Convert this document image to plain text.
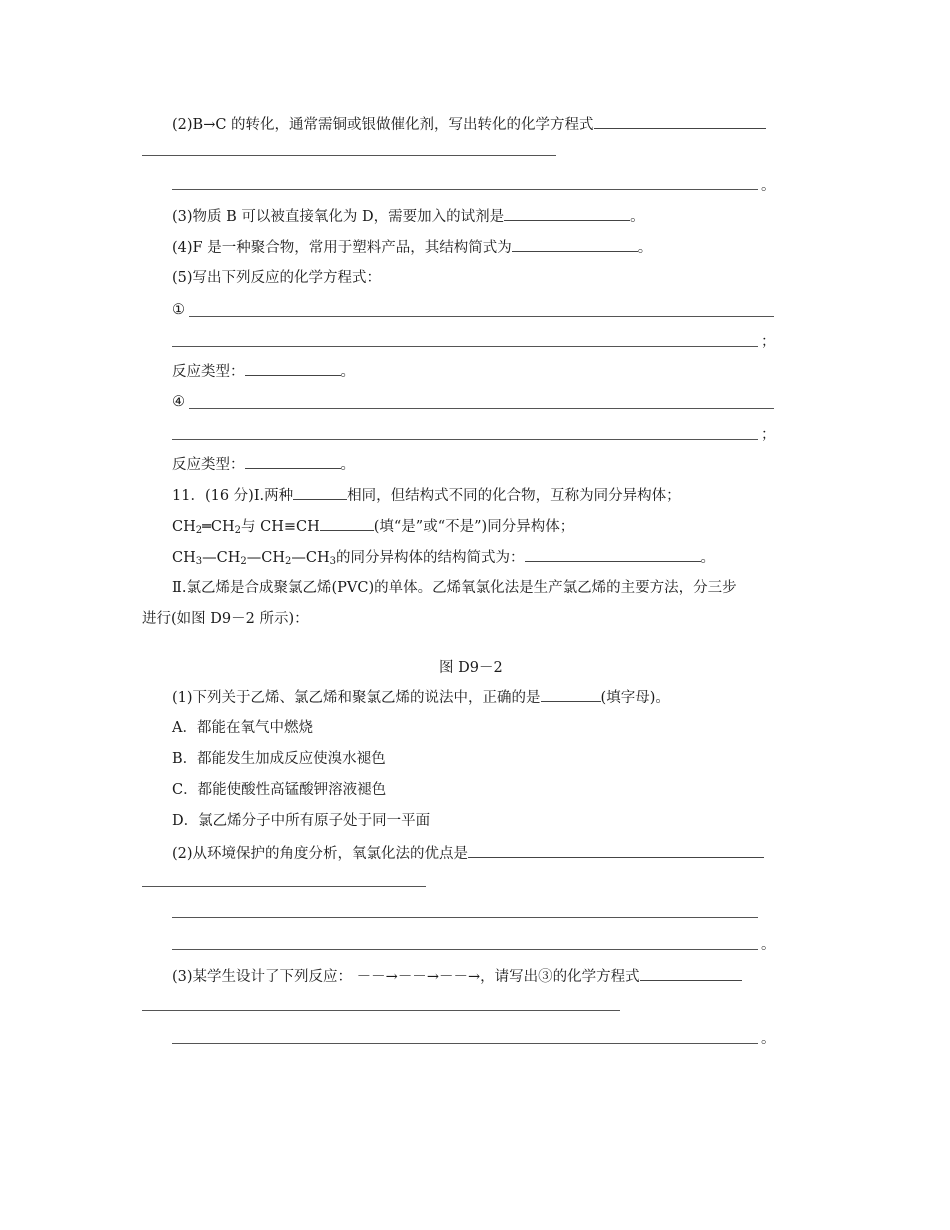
(2)B→C 的转化，通常需铜或银做催化剂，写出转化的化学方程式
。
(3)物质 B 可以被直接氧化为 D，需要加入的试剂是	。
(4)F 是一种聚合物，常用于塑料产品，其结构简式为	。
(5)写出下列反应的化学方程式：
①
；
反应类型：	。
④
；
反应类型：	。
11．(16 分)Ⅰ.两种	相同，但结构式不同的化合物，互称为同分异构体；
$CH_2═CH_2$与 CH≡CH	(填“是”或“不是”)同分异构体；
$CH_3—CH_2—CH_2—CH_3$的同分异构体的结构简式为：	。
Ⅱ.氯乙烯是合成聚氯乙烯(PVC)的单体。乙烯氧氯化法是生产氯乙烯的主要方法，分三步
进行(如图 D9－2 所示)：
图 D9－2
(1)下列关于乙烯、氯乙烯和聚氯乙烯的说法中，正确的是	(填字母)。
A．都能在氧气中燃烧
B．都能发生加成反应使溴水褪色
C．都能使酸性高锰酸钾溶液褪色
D．氯乙烯分子中所有原子处于同一平面
(2)从环境保护的角度分析，氧氯化法的优点是
。
(3)某学生设计了下列反应： －－→－－→－－→，请写出③的化学方程式
。
